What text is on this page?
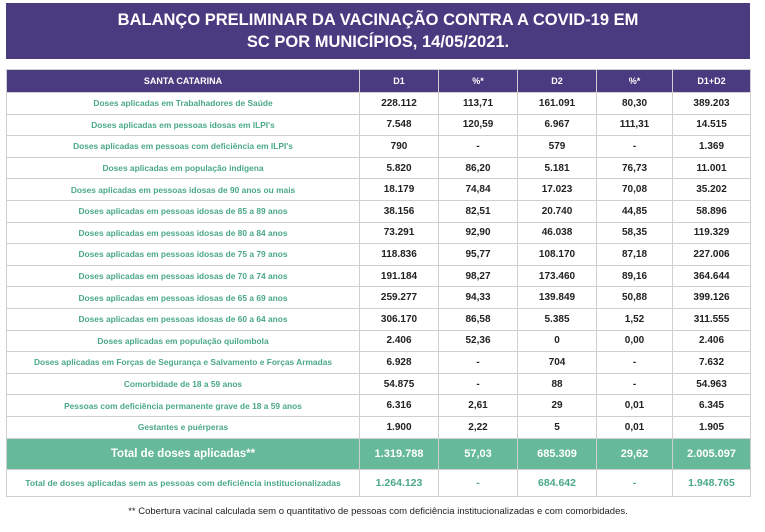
BALANÇO PRELIMINAR DA VACINAÇÃO CONTRA A COVID-19 EM
SC POR MUNICÍPIOS, 14/05/2021.
SANTA CATARINA	D1	%*	D2	%*	D1+D2
Doses aplicadas em Trabalhadores de Saúde	228.112	113,71	161.091	80,30	389.203
Doses aplicadas em pessoas idosas em ILPI's	7.548	120,59	6.967	111,31	14.515
Doses aplicadas em pessoas com deficiência em ILPI's	790	-	579	-	1.369
Doses aplicadas em população indígena	5.820	86,20	5.181	76,73	11.001
Doses aplicadas em pessoas idosas de 90 anos ou mais	18.179	74,84	17.023	70,08	35.202
Doses aplicadas em pessoas idosas de 85 a 89 anos	38.156	82,51	20.740	44,85	58.896
Doses aplicadas em pessoas idosas de 80 a 84 anos	73.291	92,90	46.038	58,35	119.329
Doses aplicadas em pessoas idosas de 75 a 79 anos	118.836	95,77	108.170	87,18	227.006
Doses aplicadas em pessoas idosas de 70 a 74 anos	191.184	98,27	173.460	89,16	364.644
Doses aplicadas em pessoas idosas de 65 a 69 anos	259.277	94,33	139.849	50,88	399.126
Doses aplicadas em pessoas idosas de 60 a 64 anos	306.170	86,58	5.385	1,52	311.555
Doses aplicadas em população quilombola	2.406	52,36	0	0,00	2.406
Doses aplicadas em Forças de Segurança e Salvamento e Forças Armadas	6.928	-	704	-	7.632
Comorbidade de 18 a 59 anos	54.875	-	88	-	54.963
Pessoas com deficiência permanente grave de 18 a 59 anos	6.316	2,61	29	0,01	6.345
Gestantes e puérperas	1.900	2,22	5	0,01	1.905
Total de doses aplicadas**	1.319.788	57,03	685.309	29,62	2.005.097
Total de doses aplicadas sem as pessoas com deficiência institucionalizadas	1.264.123	-	684.642	-	1.948.765
** Cobertura vacinal calculada sem o quantitativo de pessoas com deficiência institucionalizadas e com comorbidades.
